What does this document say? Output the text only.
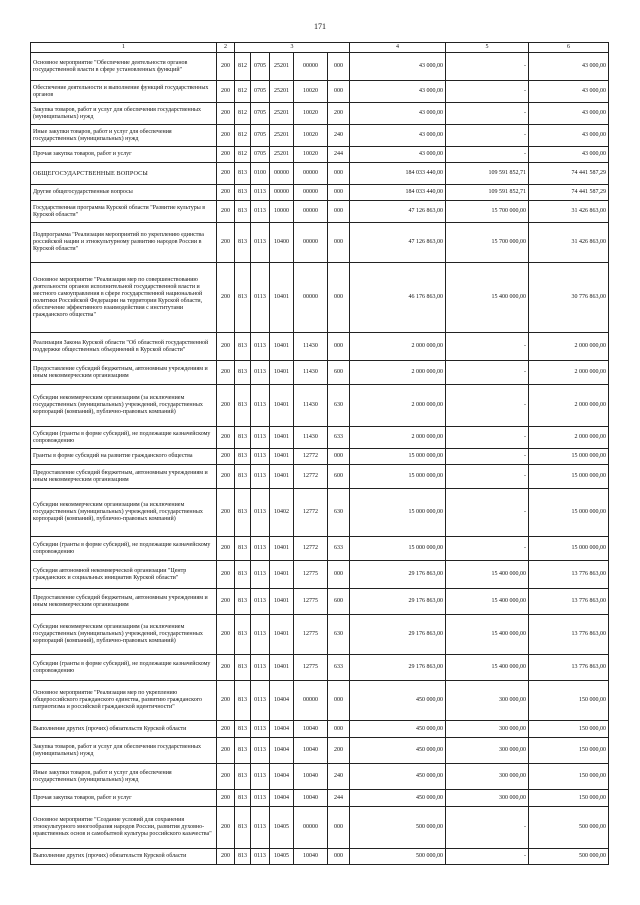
171
1	2	3					4	5	6
Основное мероприятие "Обеспечение деятельности органов государственной власти в сфере установленных функций"	200	812	0705	25201	00000	000	43 000,00	-	43 000,00
Обеспечение деятельности и выполнение функций государственных органов	200	812	0705	25201	10020	000	43 000,00	-	43 000,00
Закупка товаров, работ и услуг для обеспечения государственных (муниципальных) нужд	200	812	0705	25201	10020	200	43 000,00	-	43 000,00
Иные закупки товаров, работ и услуг для обеспечения государственных (муниципальных) нужд	200	812	0705	25201	10020	240	43 000,00	-	43 000,00
Прочая закупка товаров, работ и услуг	200	812	0705	25201	10020	244	43 000,00	-	43 000,00
ОБЩЕГОСУДАРСТВЕННЫЕ ВОПРОСЫ	200	813	0100	00000	00000	000	184 033 440,00	109 591 852,71	74 441 587,29
Другие общегосударственные вопросы	200	813	0113	00000	00000	000	184 033 440,00	109 591 852,71	74 441 587,29
Государственная программа Курской области "Развитие культуры в Курской области"	200	813	0113	10000	00000	000	47 126 863,00	15 700 000,00	31 426 863,00
Подпрограмма "Реализация мероприятий по укреплению единства российской нации и этнокультурному развитию народов России в Курской области"	200	813	0113	10400	00000	000	47 126 863,00	15 700 000,00	31 426 863,00
Основное мероприятие "Реализация мер по совершенствованию деятельности органов исполнительной государственной власти и местного самоуправления в сфере государственной национальной политики Российской Федерации на территории Курской области, обеспечение эффективного взаимодействия с институтами гражданского общества"	200	813	0113	10401	00000	000	46 176 863,00	15 400 000,00	30 776 863,00
Реализация Закона Курской области "Об областной государственной поддержке общественных объединений в Курской области"	200	813	0113	10401	11430	000	2 000 000,00	-	2 000 000,00
Предоставление субсидий бюджетным, автономным учреждениям и иным некоммерческим организациям	200	813	0113	10401	11430	600	2 000 000,00	-	2 000 000,00
Субсидии некоммерческим организациям (за исключением государственных (муниципальных) учреждений, государственных корпораций (компаний), публично-правовых компаний)	200	813	0113	10401	11430	630	2 000 000,00	-	2 000 000,00
Субсидии (гранты в форме субсидий), не подлежащие казначейскому сопровождению	200	813	0113	10401	11430	633	2 000 000,00	-	2 000 000,00
Гранты в форме субсидий на развитие гражданского общества	200	813	0113	10401	12772	000	15 000 000,00	-	15 000 000,00
Предоставление субсидий бюджетным, автономным учреждениям и иным некоммерческим организациям	200	813	0113	10401	12772	600	15 000 000,00	-	15 000 000,00
Субсидии некоммерческим организациям (за исключением государственных (муниципальных) учреждений, государственных корпораций (компаний), публично-правовых компаний)	200	813	0113	10402	12772	630	15 000 000,00	-	15 000 000,00
Субсидии (гранты в форме субсидий), не подлежащие казначейскому сопровождению	200	813	0113	10401	12772	633	15 000 000,00	-	15 000 000,00
Субсидия автономной некоммерческой организации "Центр гражданских и социальных инициатив Курской области"	200	813	0113	10401	12775	000	29 176 863,00	15 400 000,00	13 776 863,00
Предоставление субсидий бюджетным, автономным учреждениям и иным некоммерческим организациям	200	813	0113	10401	12775	600	29 176 863,00	15 400 000,00	13 776 863,00
Субсидии некоммерческим организациям (за исключением государственных (муниципальных) учреждений, государственных корпораций (компаний), публично-правовых компаний)	200	813	0113	10401	12775	630	29 176 863,00	15 400 000,00	13 776 863,00
Субсидии (гранты в форме субсидий), не подлежащие казначейскому сопровождению	200	813	0113	10401	12775	633	29 176 863,00	15 400 000,00	13 776 863,00
Основное мероприятие "Реализация мер по укреплению общероссийского гражданского единства, развитию гражданского патриотизма и российской гражданской идентичности"	200	813	0113	10404	00000	000	450 000,00	300 000,00	150 000,00
Выполнение других (прочих) обязательств Курской области	200	813	0113	10404	10040	000	450 000,00	300 000,00	150 000,00
Закупка товаров, работ и услуг для обеспечения государственных (муниципальных) нужд	200	813	0113	10404	10040	200	450 000,00	300 000,00	150 000,00
Иные закупки товаров, работ и услуг для обеспечения государственных (муниципальных) нужд	200	813	0113	10404	10040	240	450 000,00	300 000,00	150 000,00
Прочая закупка товаров, работ и услуг	200	813	0113	10404	10040	244	450 000,00	300 000,00	150 000,00
Основное мероприятие "Создание условий для сохранения этнокультурного многообразия народов России, развития духовно-нравственных основ и самобытной культуры российского казачества"	200	813	0113	10405	00000	000	500 000,00	-	500 000,00
Выполнение других (прочих) обязательств Курской области	200	813	0113	10405	10040	000	500 000,00	-	500 000,00
